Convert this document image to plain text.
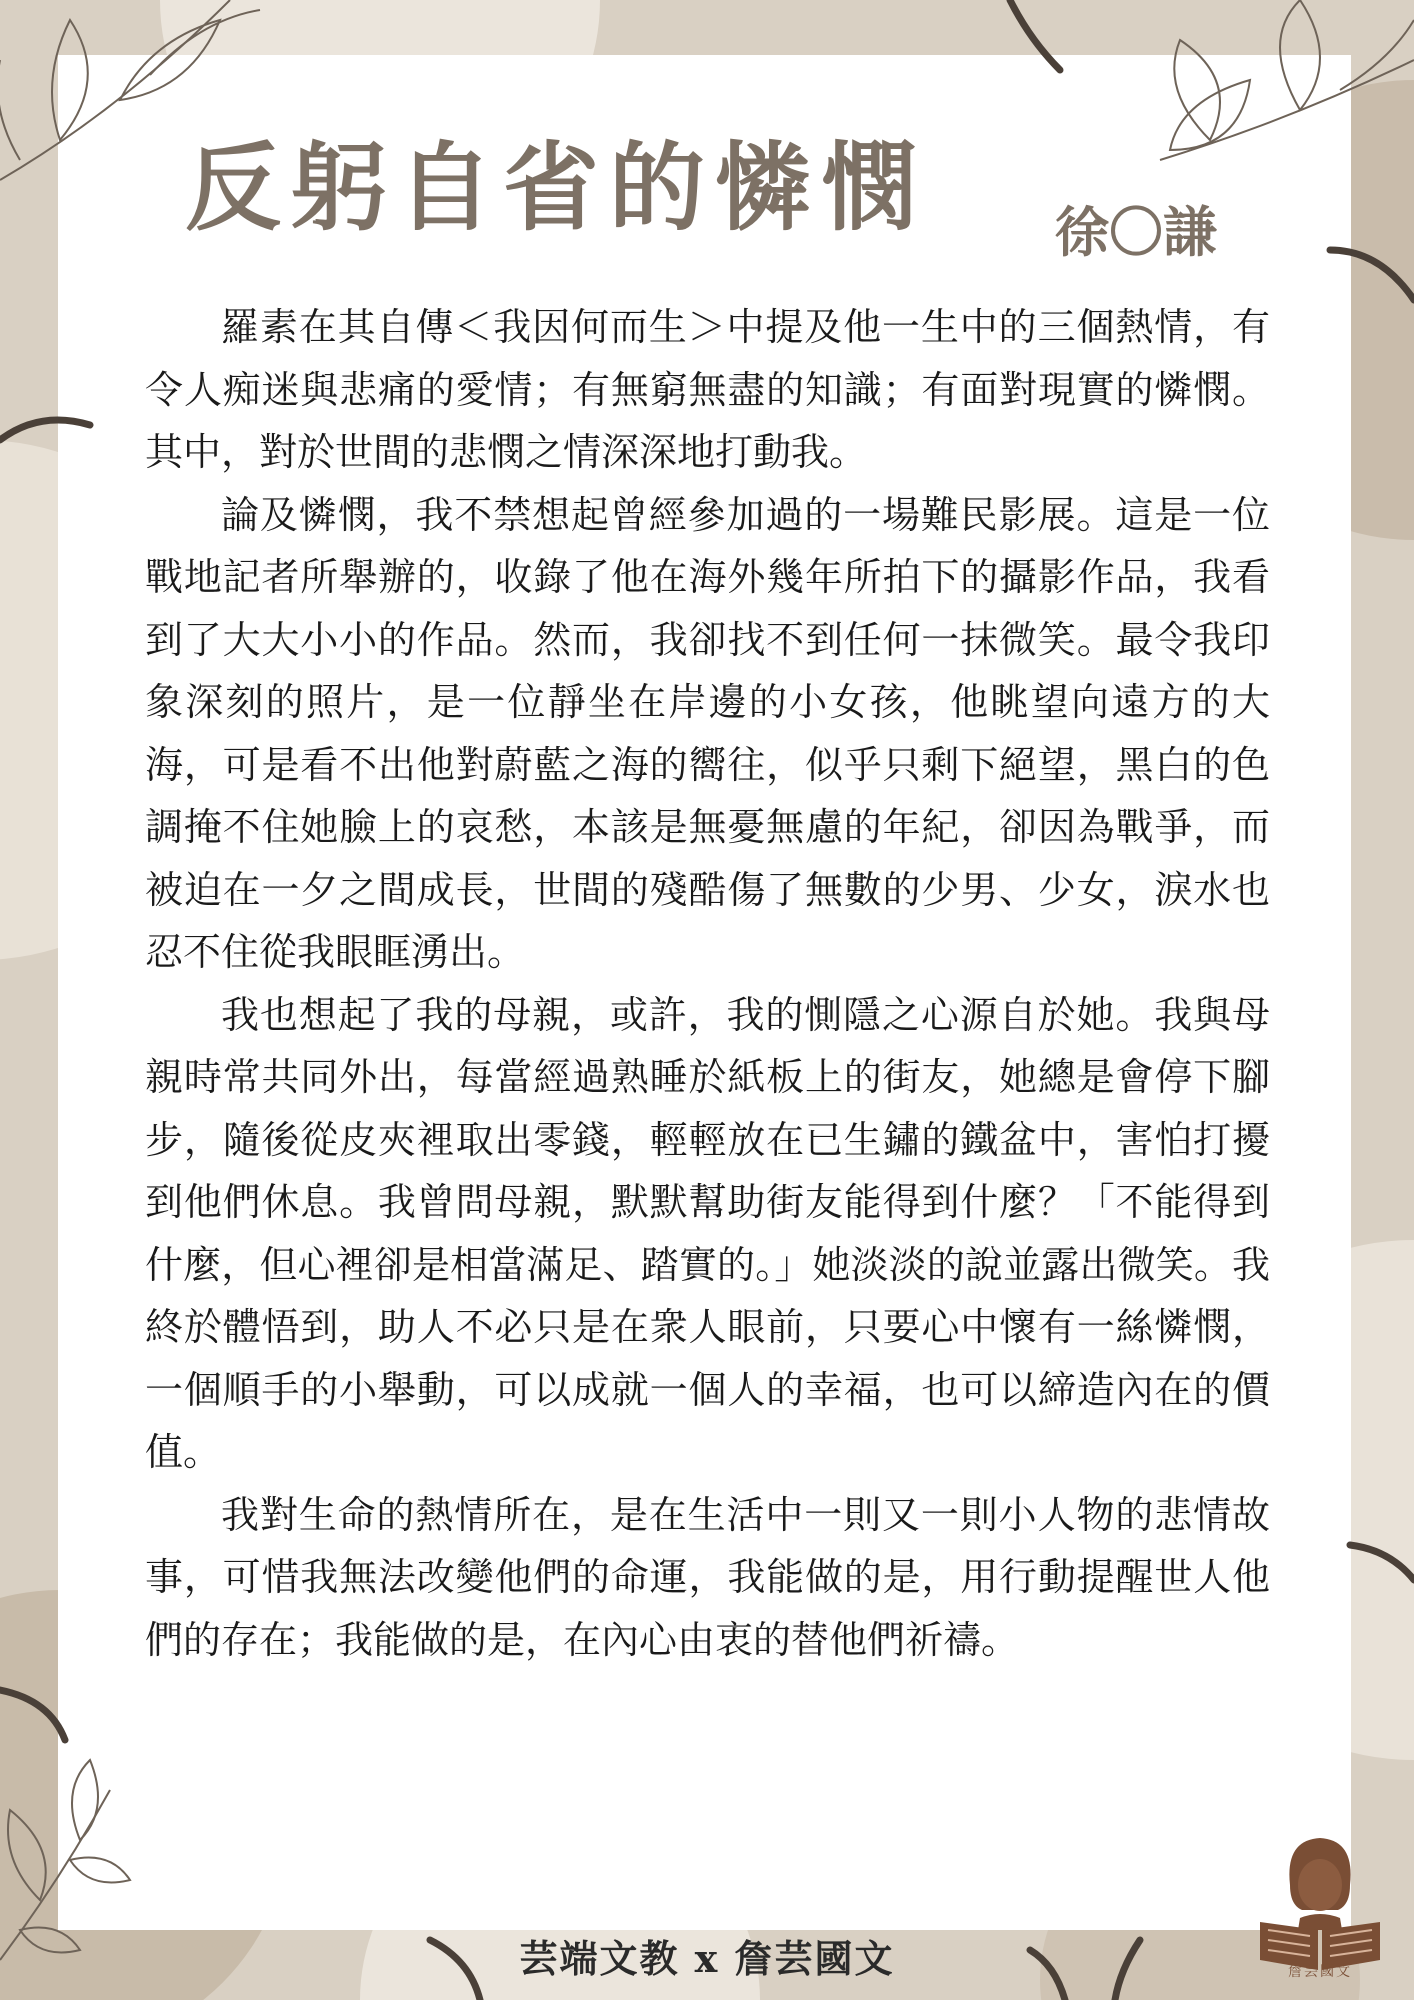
反躬自省的憐憫 徐〇謙

羅素在其自傳＜我因何而生＞中提及他一生中的三個熱情，有令人痴迷與悲痛的愛情；有無窮無盡的知識；有面對現實的憐憫。其中，對於世間的悲憫之情深深地打動我。

論及憐憫，我不禁想起曾經參加過的一場難民影展。這是一位戰地記者所舉辦的，收錄了他在海外幾年所拍下的攝影作品，我看到了大大小小的作品。然而，我卻找不到任何一抹微笑。最令我印象深刻的照片，是一位靜坐在岸邊的小女孩，他眺望向遠方的大海，可是看不出他對蔚藍之海的嚮往，似乎只剩下絕望，黑白的色調掩不住她臉上的哀愁，本該是無憂無慮的年紀，卻因為戰爭，而被迫在一夕之間成長，世間的殘酷傷了無數的少男、少女，淚水也忍不住從我眼眶湧出。

我也想起了我的母親，或許，我的惻隱之心源自於她。我與母親時常共同外出，每當經過熟睡於紙板上的街友，她總是會停下腳步，隨後從皮夾裡取出零錢，輕輕放在已生鏽的鐵盆中，害怕打擾到他們休息。我曾問母親，默默幫助街友能得到什麼？「不能得到什麼，但心裡卻是相當滿足、踏實的。」她淡淡的說並露出微笑。我終於體悟到，助人不必只是在衆人眼前，只要心中懷有一絲憐憫，一個順手的小舉動，可以成就一個人的幸福，也可以締造內在的價值。

我對生命的熱情所在，是在生活中一則又一則小人物的悲情故事，可惜我無法改變他們的命運，我能做的是，用行動提醒世人他們的存在；我能做的是，在內心由衷的替他們祈禱。

芸端文教 x 詹芸國文	詹芸國文
